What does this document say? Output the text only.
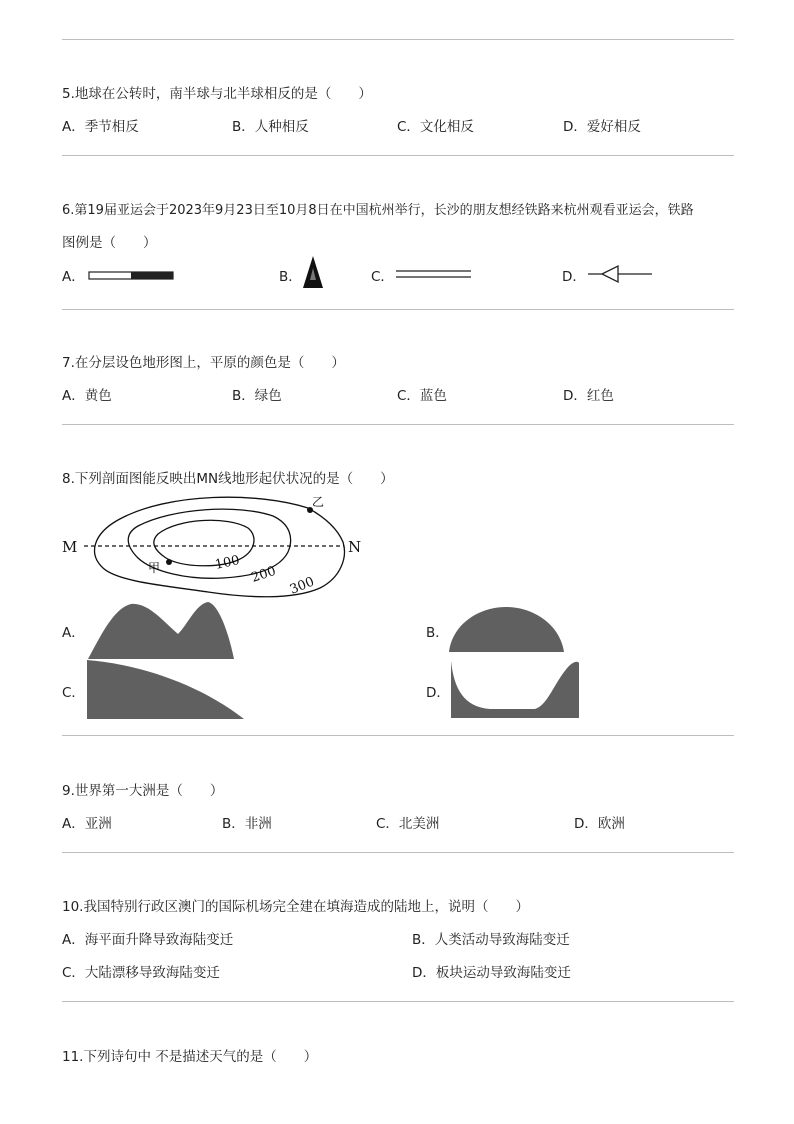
5.地球在公转时，南半球与北半球相反的是（　　）
A．季节相反	B．人种相反	C．文化相反	D．爱好相反
6.第19届亚运会于2023年9月23日至10月8日在中国杭州举行，长沙的朋友想经铁路来杭州观看亚运会，铁路
图例是（　　）
A．	B．	C．	D．
7.在分层设色地形图上，平原的颜色是（　　）
A．黄色	B．绿色	C．蓝色	D．红色
8.下列剖面图能反映出MN线地形起伏状况的是（　　）
M	N
甲
乙
100
200 300
A．	B．
C．	D．
9.世界第一大洲是（　　）
A．亚洲	B．非洲	C．北美洲	D．欧洲
10.我国特别行政区澳门的国际机场完全建在填海造成的陆地上，说明（　　）
A．海平面升降导致海陆变迁	B．人类活动导致海陆变迁
C．大陆漂移导致海陆变迁	D．板块运动导致海陆变迁
11.下列诗句中 不是描述天气的是（　　）
